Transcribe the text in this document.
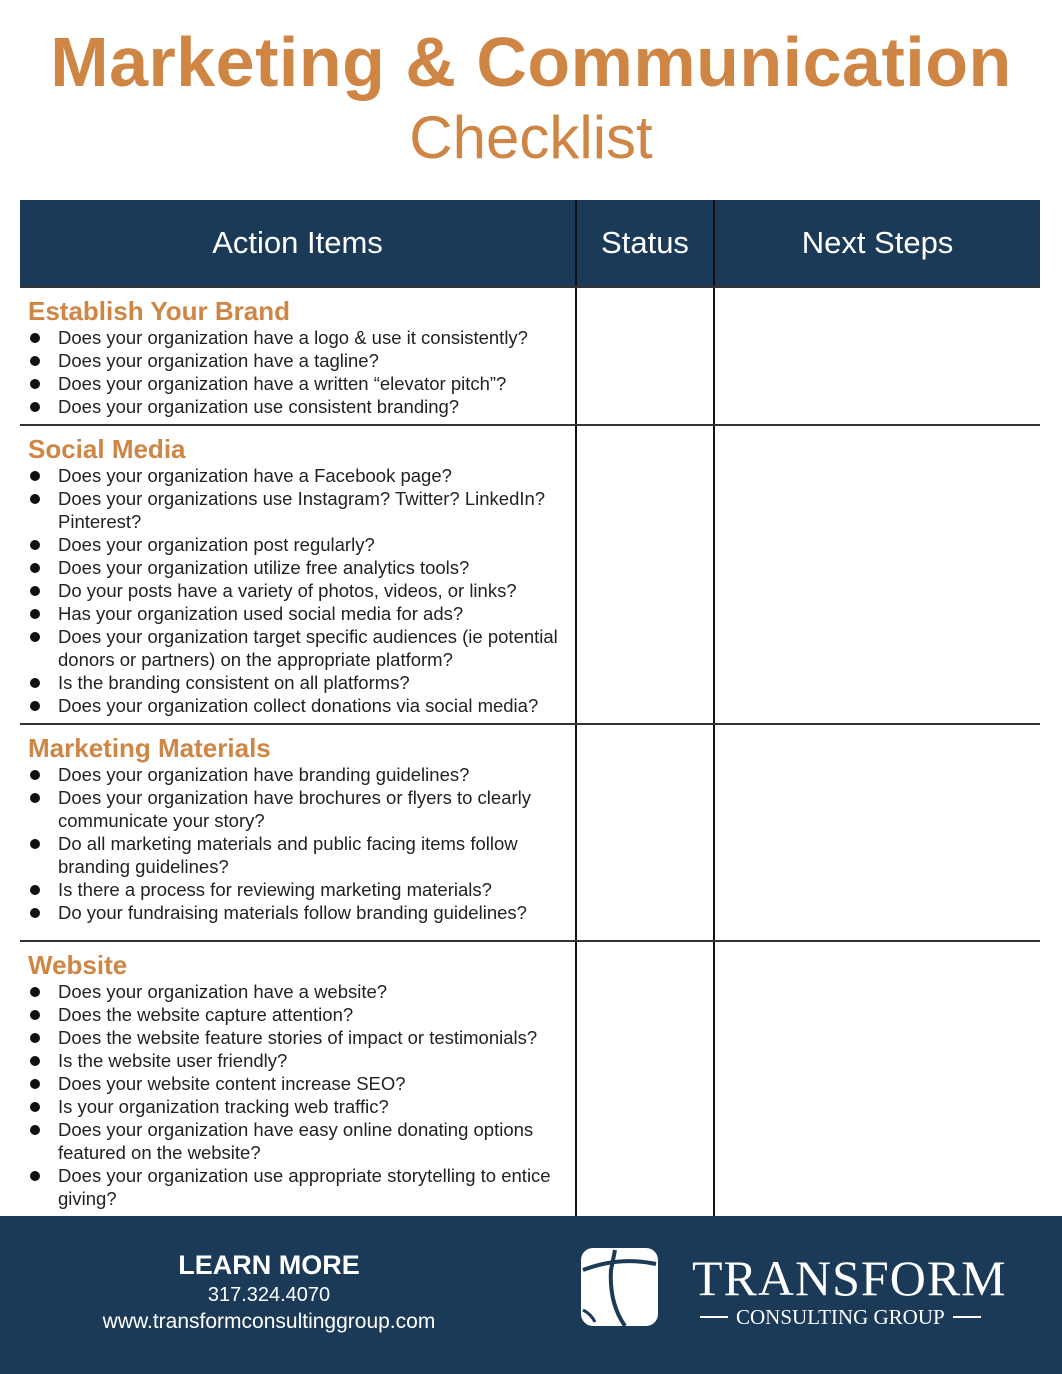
Marketing & Communication
Checklist
Action Items	Status	Next Steps
Establish Your Brand
Does your organization have a logo & use it consistently?
Does your organization have a tagline?
Does your organization have a written “elevator pitch”?
Does your organization use consistent branding?
Social Media
Does your organization have a Facebook page?
Does your organizations use Instagram? Twitter? LinkedIn? Pinterest?
Does your organization post regularly?
Does your organization utilize free analytics tools?
Do your posts have a variety of photos, videos, or links?
Has your organization used social media for ads?
Does your organization target specific audiences (ie potential donors or partners) on the appropriate platform?
Is the branding consistent on all platforms?
Does your organization collect donations via social media?
Marketing Materials
Does your organization have branding guidelines?
Does your organization have brochures or flyers to clearly communicate your story?
Do all marketing materials and public facing items follow branding guidelines?
Is there a process for reviewing marketing materials?
Do your fundraising materials follow branding guidelines?
Website
Does your organization have a website?
Does the website capture attention?
Does the website feature stories of impact or testimonials?
Is the website user friendly?
Does your website content increase SEO?
Is your organization tracking web traffic?
Does your organization have easy online donating options featured on the website?
Does your organization use appropriate storytelling to entice giving?
LEARN MORE
317.324.4070
www.transformconsultinggroup.com
TRANSFORM
CONSULTING GROUP
